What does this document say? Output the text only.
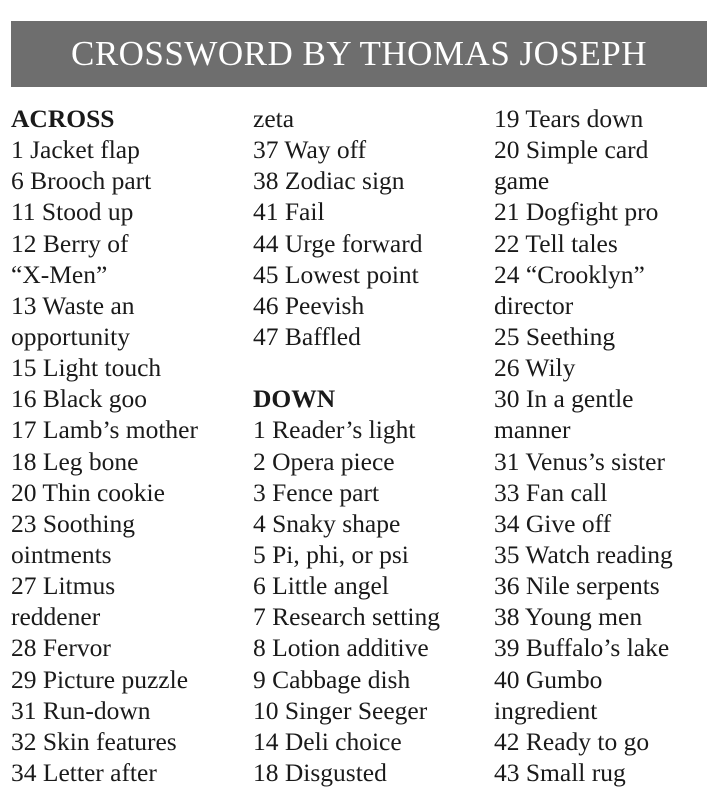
CROSSWORD BY THOMAS JOSEPH
ACROSS
1 Jacket flap
6 Brooch part
11 Stood up
12 Berry of
“X-Men”
13 Waste an
opportunity
15 Light touch
16 Black goo
17 Lamb’s mother
18 Leg bone
20 Thin cookie
23 Soothing
ointments
27 Litmus
reddener
28 Fervor
29 Picture puzzle
31 Run-down
32 Skin features
34 Letter after
zeta
37 Way off
38 Zodiac sign
41 Fail
44 Urge forward
45 Lowest point
46 Peevish
47 Baffled
DOWN
1 Reader’s light
2 Opera piece
3 Fence part
4 Snaky shape
5 Pi, phi, or psi
6 Little angel
7 Research setting
8 Lotion additive
9 Cabbage dish
10 Singer Seeger
14 Deli choice
18 Disgusted
19 Tears down
20 Simple card
game
21 Dogfight pro
22 Tell tales
24 “Crooklyn”
director
25 Seething
26 Wily
30 In a gentle
manner
31 Venus’s sister
33 Fan call
34 Give off
35 Watch reading
36 Nile serpents
38 Young men
39 Buffalo’s lake
40 Gumbo
ingredient
42 Ready to go
43 Small rug
